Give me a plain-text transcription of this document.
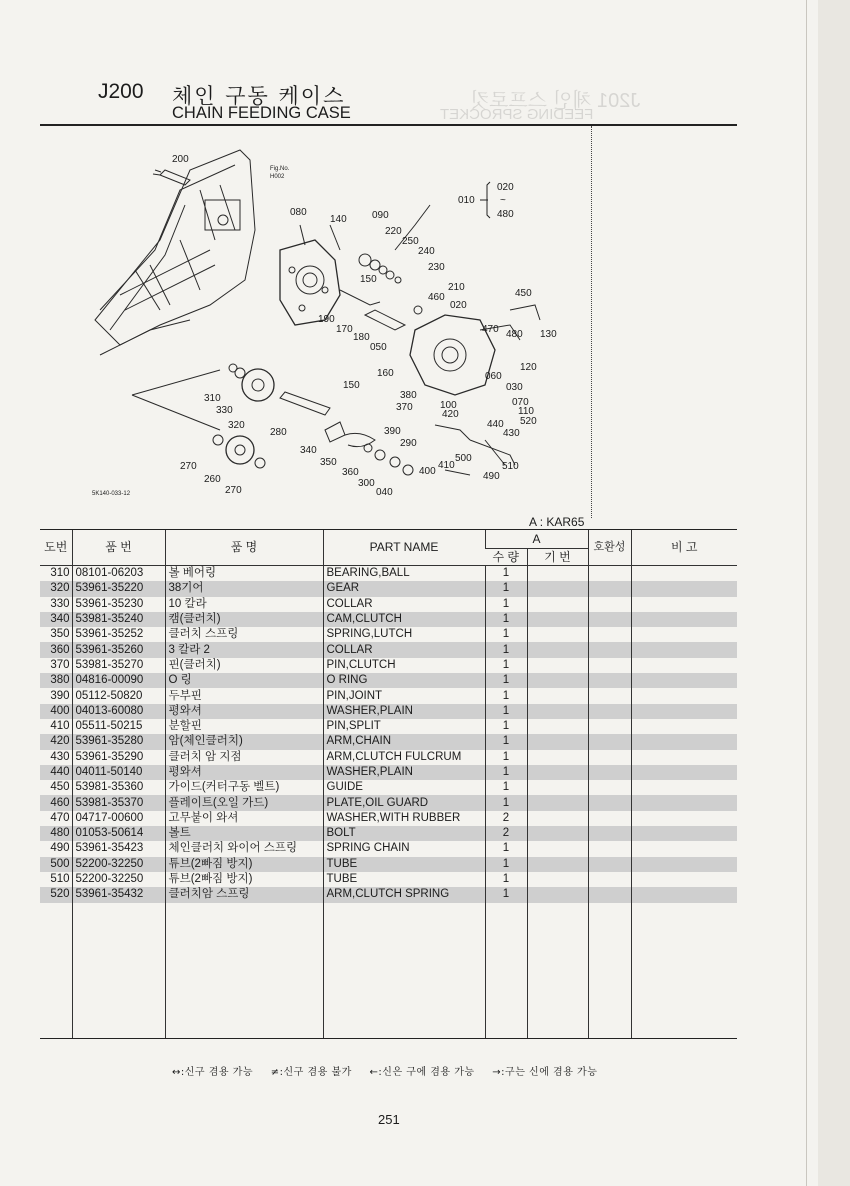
J201 체인 스프로킷
FEEDING SPROCKET
J200 체인 구동 케이스
CHAIN FEEDING CASE
200
Fig.No.
H002
080
140	090
220
250
240
230
210
460
020
450
150
190
170
180
050
470 480 130
160
120
060
030
150
070
110
520
380
370	100
420
440
430
390
290
500
510
490
410
400
310
330
320
280
340
350
360
300
040
270
260
270
5K140-033-12
010
020
~
480
A : KAR65
도번	품 번	품 명	PART NAME	A		호환성	비 고
				수 량	기 번		
310	08101-06203	볼 베어링	BEARING,BALL	1			
320	53961-35220	38기어	GEAR	1			
330	53961-35230	10 칼라	COLLAR	1			
340	53981-35240	캠(클러치)	CAM,CLUTCH	1			
350	53961-35252	클러치 스프링	SPRING,LUTCH	1			
360	53961-35260	3 칼라 2	COLLAR	1			
370	53981-35270	핀(클러치)	PIN,CLUTCH	1			
380	04816-00090	O 링	O RING	1			
390	05112-50820	두부핀	PIN,JOINT	1			
400	04013-60080	평와셔	WASHER,PLAIN	1			
410	05511-50215	분할핀	PIN,SPLIT	1			
420	53961-35280	암(체인클러치)	ARM,CHAIN	1			
430	53961-35290	클러치 암 지점	ARM,CLUTCH FULCRUM	1			
440	04011-50140	평와셔	WASHER,PLAIN	1			
450	53981-35360	가이드(커터구동 벨트)	GUIDE	1			
460	53981-35370	플레이트(오일 가드)	PLATE,OIL GUARD	1			
470	04717-00600	고무붙이 와셔	WASHER,WITH RUBBER	2			
480	01053-50614	볼트	BOLT	2			
490	53961-35423	체인클러치 와이어 스프링	SPRING CHAIN	1			
500	52200-32250	튜브(2빠짐 방지)	TUBE	1			
510	52200-32250	튜브(2빠짐 방지)	TUBE	1			
520	53961-35432	클러치암 스프링	ARM,CLUTCH SPRING	1			

↔:신구 겸용 가능 ≠:신구 겸용 불가 ←:신은 구에 겸용 가능 →:구는 신에 겸용 가능
251
